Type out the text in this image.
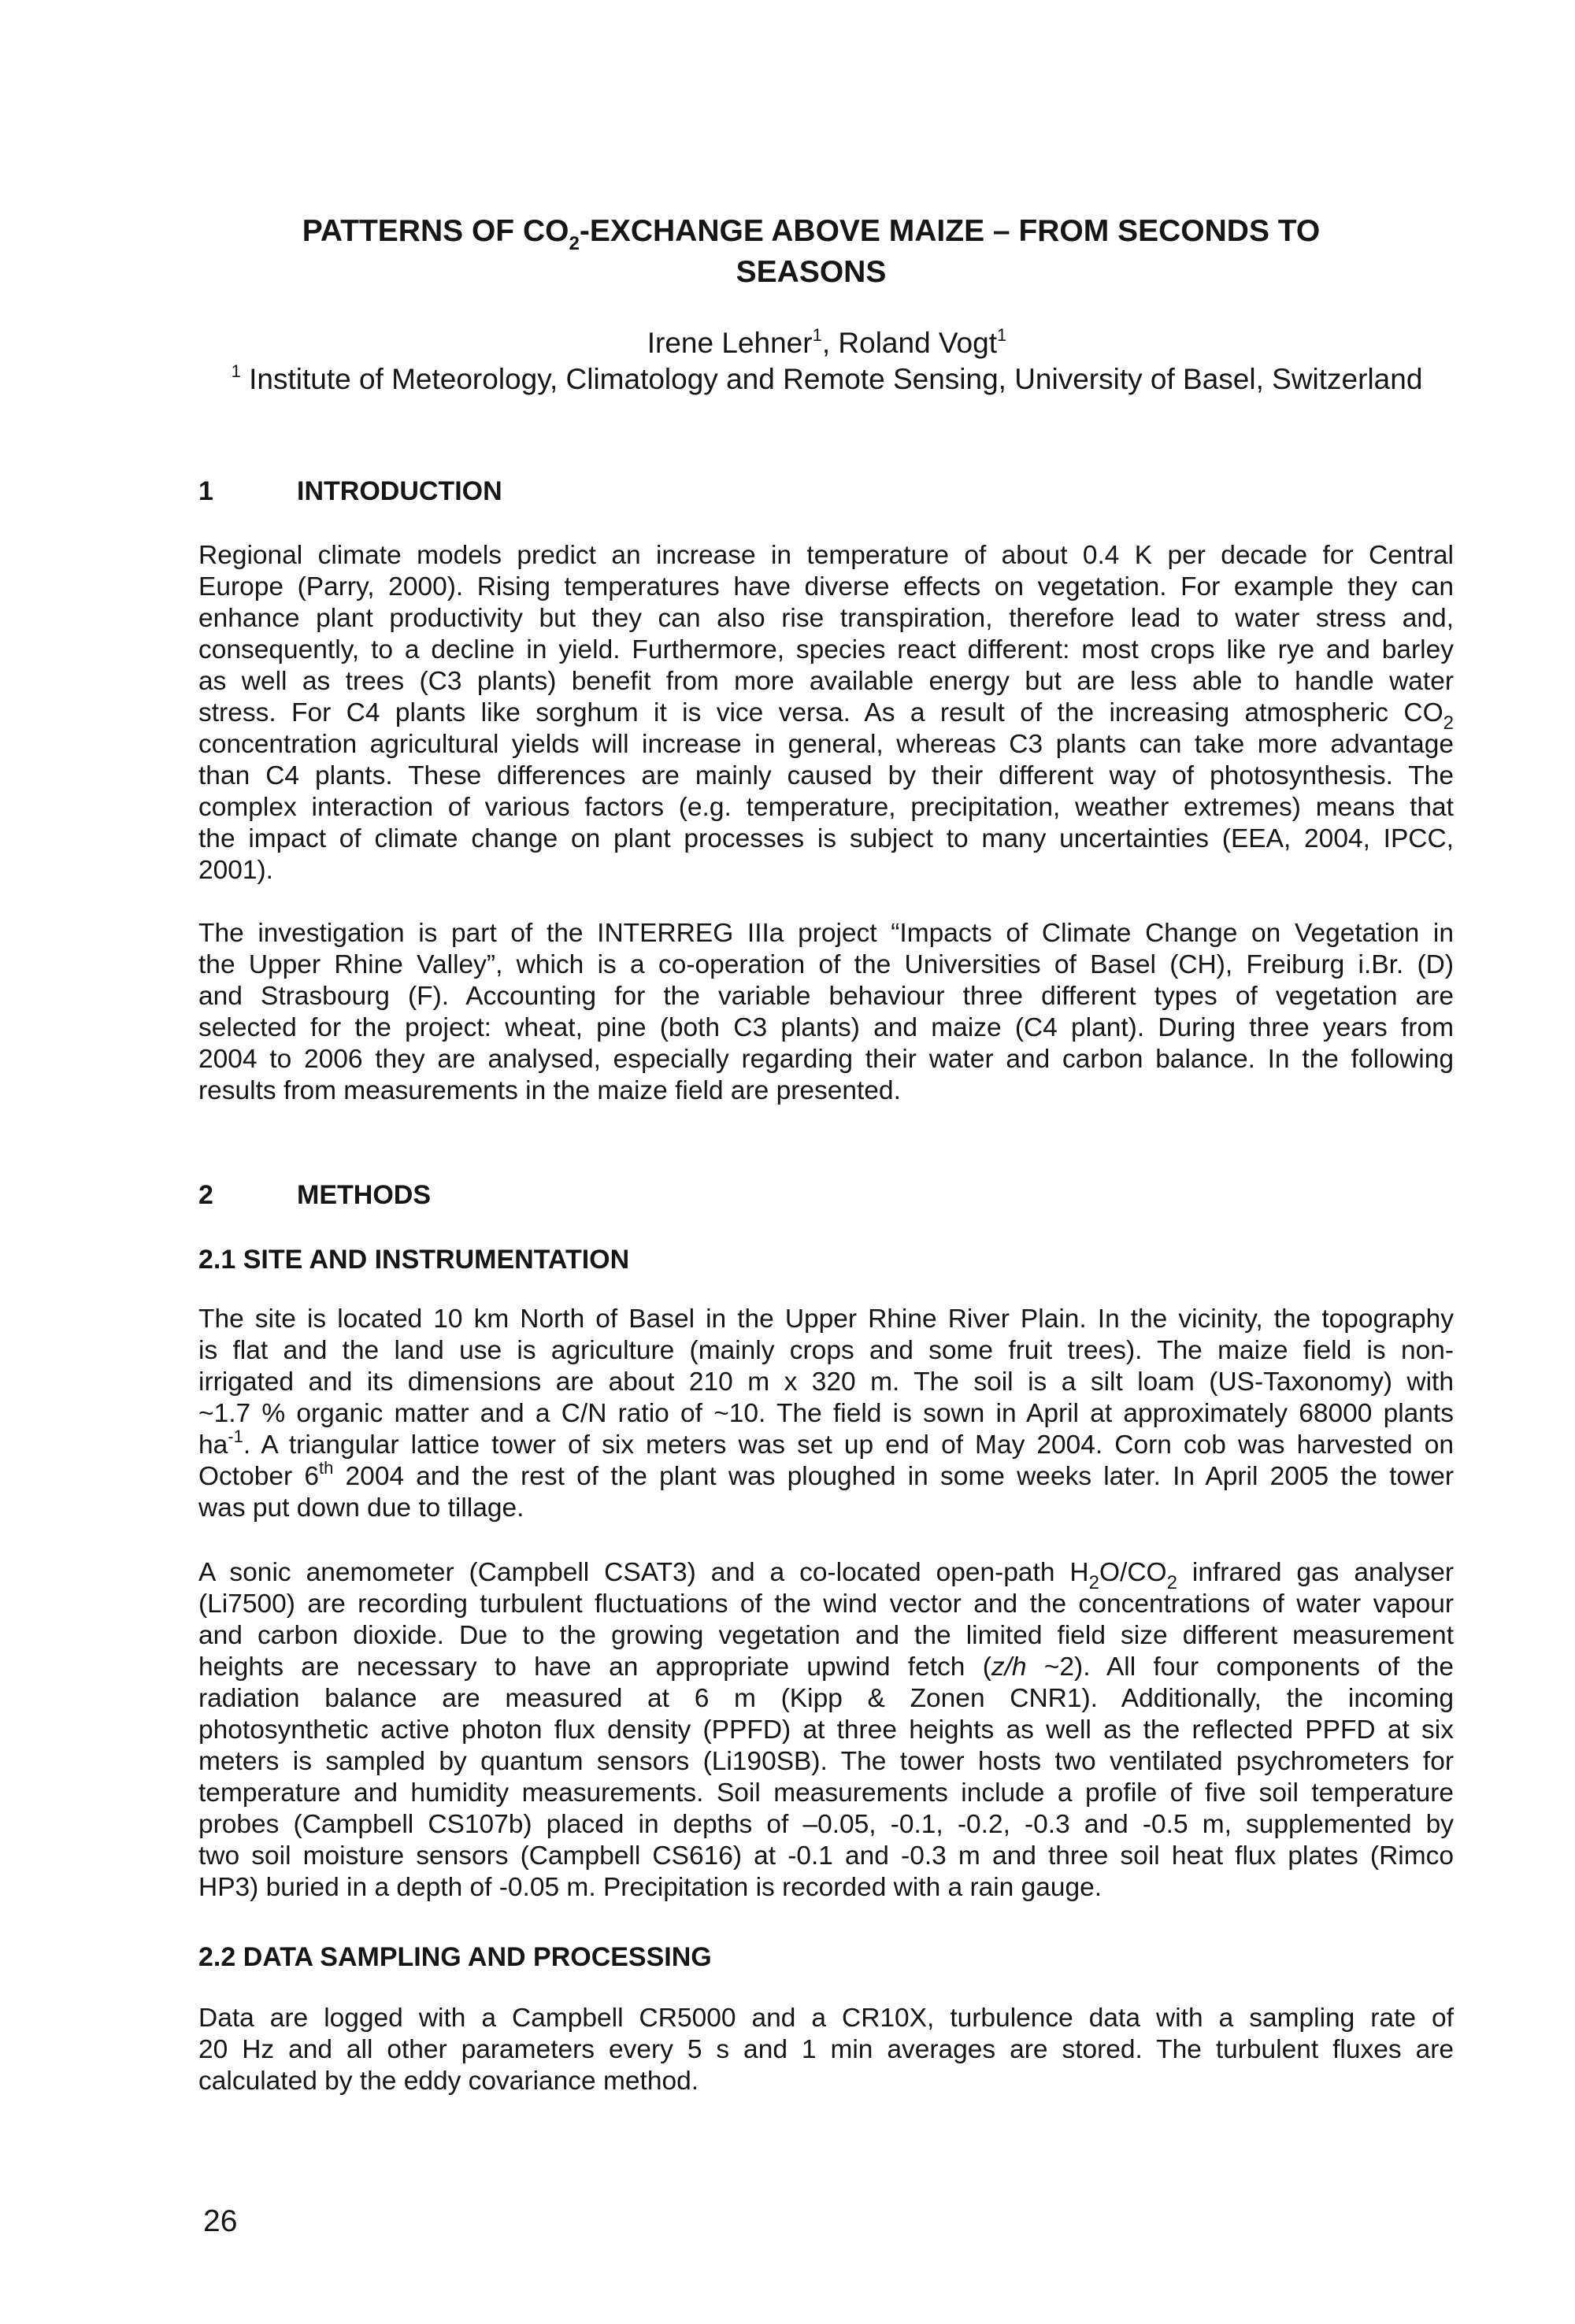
PATTERNS OF $CO_2$-EXCHANGE ABOVE MAIZE – FROM SECONDS TO
SEASONS
Irene Lehner$^1$, Roland Vogt$^1$
$^1$ Institute of Meteorology, Climatology and Remote Sensing, University of Basel, Switzerland
1	INTRODUCTION
Regional climate models predict an increase in temperature of about 0.4 K per decade for Central
Europe (Parry, 2000). Rising temperatures have diverse effects on vegetation. For example they can
enhance plant productivity but they can also rise transpiration, therefore lead to water stress and,
consequently, to a decline in yield. Furthermore, species react different: most crops like rye and barley
as well as trees (C3 plants) benefit from more available energy but are less able to handle water
stress. For C4 plants like sorghum it is vice versa. As a result of the increasing atmospheric $CO_2$
concentration agricultural yields will increase in general, whereas C3 plants can take more advantage
than C4 plants. These differences are mainly caused by their different way of photosynthesis. The
complex interaction of various factors (e.g. temperature, precipitation, weather extremes) means that
the impact of climate change on plant processes is subject to many uncertainties (EEA, 2004, IPCC,
2001).
The investigation is part of the INTERREG IIIa project “Impacts of Climate Change on Vegetation in
the Upper Rhine Valley”, which is a co-operation of the Universities of Basel (CH), Freiburg i.Br. (D)
and Strasbourg (F). Accounting for the variable behaviour three different types of vegetation are
selected for the project: wheat, pine (both C3 plants) and maize (C4 plant). During three years from
2004 to 2006 they are analysed, especially regarding their water and carbon balance. In the following
results from measurements in the maize field are presented.
2	METHODS
2.1 SITE AND INSTRUMENTATION
The site is located 10 km North of Basel in the Upper Rhine River Plain. In the vicinity, the topography
is flat and the land use is agriculture (mainly crops and some fruit trees). The maize field is non-
irrigated and its dimensions are about 210 m x 320 m. The soil is a silt loam (US-Taxonomy) with
~1.7 % organic matter and a C/N ratio of ~10. The field is sown in April at approximately 68000 plants
$ha^{-1}$. A triangular lattice tower of six meters was set up end of May 2004. Corn cob was harvested on
October 6th 2004 and the rest of the plant was ploughed in some weeks later. In April 2005 the tower
was put down due to tillage.
A sonic anemometer (Campbell CSAT3) and a co-located open-path $H_2O/CO_2$ infrared gas analyser
(Li7500) are recording turbulent fluctuations of the wind vector and the concentrations of water vapour
and carbon dioxide. Due to the growing vegetation and the limited field size different measurement
heights are necessary to have an appropriate upwind fetch (z/h ~2). All four components of the
radiation balance are measured at 6 m (Kipp & Zonen CNR1). Additionally, the incoming
photosynthetic active photon flux density (PPFD) at three heights as well as the reflected PPFD at six
meters is sampled by quantum sensors (Li190SB). The tower hosts two ventilated psychrometers for
temperature and humidity measurements. Soil measurements include a profile of five soil temperature
probes (Campbell CS107b) placed in depths of –0.05, -0.1, -0.2, -0.3 and -0.5 m, supplemented by
two soil moisture sensors (Campbell CS616) at -0.1 and -0.3 m and three soil heat flux plates (Rimco
HP3) buried in a depth of -0.05 m. Precipitation is recorded with a rain gauge.
2.2 DATA SAMPLING AND PROCESSING
Data are logged with a Campbell CR5000 and a CR10X, turbulence data with a sampling rate of
20 Hz and all other parameters every 5 s and 1 min averages are stored. The turbulent fluxes are
calculated by the eddy covariance method.
26
